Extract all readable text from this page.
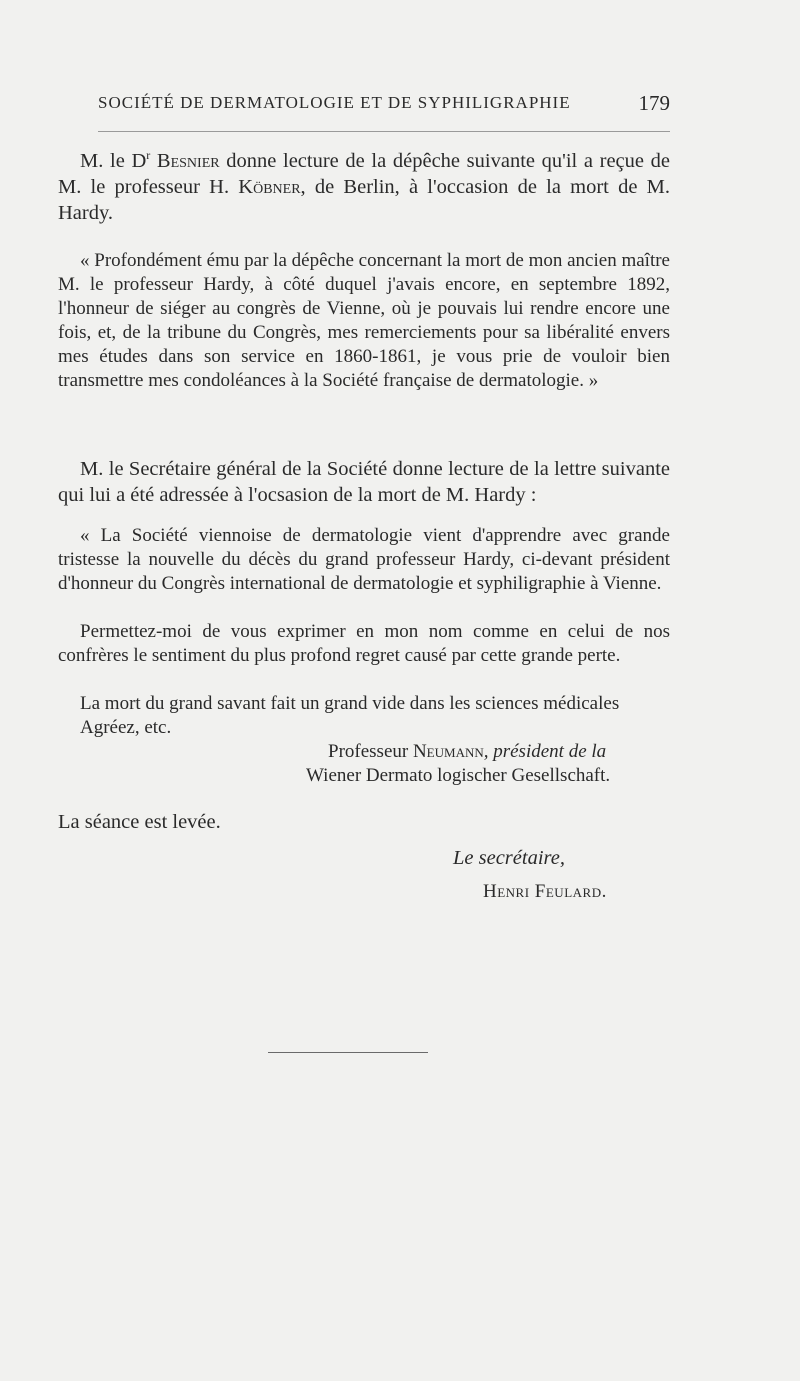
SOCIÉTÉ DE DERMATOLOGIE ET DE SYPHILIGRAPHIE	179

M. le $D^r$ Besnier donne lecture de la dépêche suivante qu'il a reçue de M. le professeur H. Köbner, de Berlin, à l'occasion de la mort de M. Hardy.

« Profondément ému par la dépêche concernant la mort de mon ancien maître M. le professeur Hardy, à côté duquel j'avais encore, en septembre 1892, l'honneur de siéger au congrès de Vienne, où je pouvais lui rendre encore une fois, et, de la tribune du Congrès, mes remerciements pour sa libéralité envers mes études dans son service en 1860-1861, je vous prie de vouloir bien transmettre mes condoléances à la Société française de dermatologie. »

M. le Secrétaire général de la Société donne lecture de la lettre suivante qui lui a été adressée à l'ocsasion de la mort de M. Hardy :

« La Société viennoise de dermatologie vient d'apprendre avec grande tristesse la nouvelle du décès du grand professeur Hardy, ci-devant président d'honneur du Congrès international de dermatologie et syphiligraphie à Vienne.

Permettez-moi de vous exprimer en mon nom comme en celui de nos confrères le sentiment du plus profond regret causé par cette grande perte.

La mort du grand savant fait un grand vide dans les sciences médicales

Agréez, etc.

Professeur Neumann, président de la
Wiener Dermato logischer Gesellschaft.
La séance est levée.
Le secrétaire,
Henri Feulard.
